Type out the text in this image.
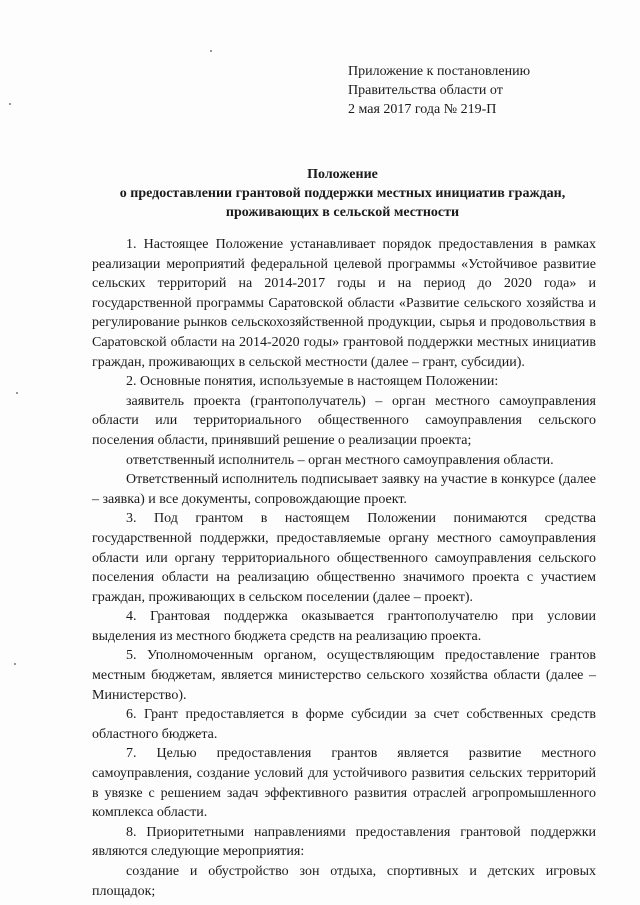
Приложение к постановлению
Правительства области от
2 мая 2017 года № 219-П
Положение
о предоставлении грантовой поддержки местных инициатив граждан,
проживающих в сельской местности

1. Настоящее Положение устанавливает порядок предоставления в рамках реализации мероприятий федеральной целевой программы «Устойчивое развитие сельских территорий на 2014-2017 годы и на период до 2020 года» и государственной программы Саратовской области «Развитие сельского хозяйства и регулирование рынков сельскохозяйственной продукции, сырья и продовольствия в Саратовской области на 2014-2020 годы» грантовой поддержки местных инициатив граждан, проживающих в сельской местности (далее – грант, субсидии).

2. Основные понятия, используемые в настоящем Положении:

заявитель проекта (грантополучатель) – орган местного самоуправления области или территориального общественного самоуправления сельского поселения области, принявший решение о реализации проекта;

ответственный исполнитель – орган местного самоуправления области.

Ответственный исполнитель подписывает заявку на участие в конкурсе (далее – заявка) и все документы, сопровождающие проект.

3. Под грантом в настоящем Положении понимаются средства государственной поддержки, предоставляемые органу местного самоуправления области или органу территориального общественного самоуправления сельского поселения области на реализацию общественно значимого проекта с участием граждан, проживающих в сельском поселении (далее – проект).

4. Грантовая поддержка оказывается грантополучателю при условии выделения из местного бюджета средств на реализацию проекта.

5. Уполномоченным органом, осуществляющим предоставление грантов местным бюджетам, является министерство сельского хозяйства области (далее – Министерство).

6. Грант предоставляется в форме субсидии за счет собственных средств областного бюджета.

7. Целью предоставления грантов является развитие местного самоуправления, создание условий для устойчивого развития сельских территорий в увязке с решением задач эффективного развития отраслей агропромышленного комплекса области.

8. Приоритетными направлениями предоставления грантовой поддержки являются следующие мероприятия:

создание и обустройство зон отдыха, спортивных и детских игровых площадок;
